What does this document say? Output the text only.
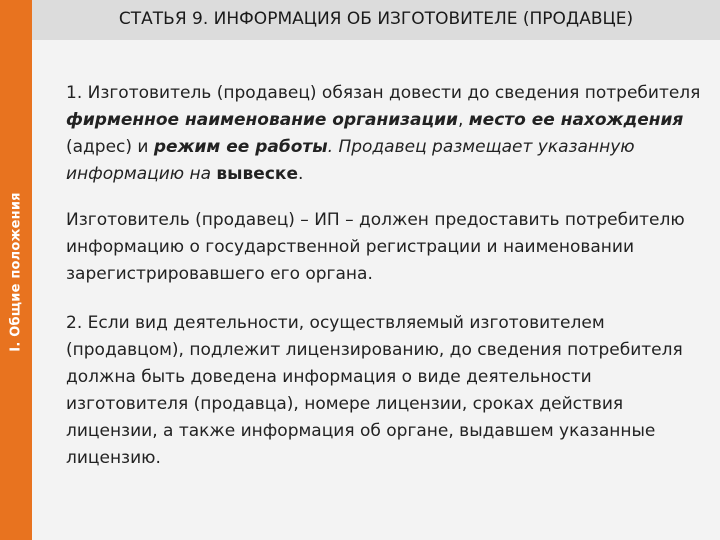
I. Общие положения
СТАТЬЯ 9. ИНФОРМАЦИЯ ОБ ИЗГОТОВИТЕЛЕ (ПРОДАВЦЕ)

1. Изготовитель (продавец) обязан довести до сведения потребителя фирменное наименование организации, место ее нахождения (адрес) и режим ее работы. Продавец размещает указанную информацию на вывеске.

Изготовитель (продавец) – ИП – должен предоставить потребителю информацию о государственной регистрации и наименовании зарегистрировавшего его органа.

2. Если вид деятельности, осуществляемый изготовителем (продавцом), подлежит лицензированию, до сведения потребителя должна быть доведена информация о виде деятельности изготовителя (продавца), номере лицензии, сроках действия лицензии, а также информация об органе, выдавшем указанные лицензию.
